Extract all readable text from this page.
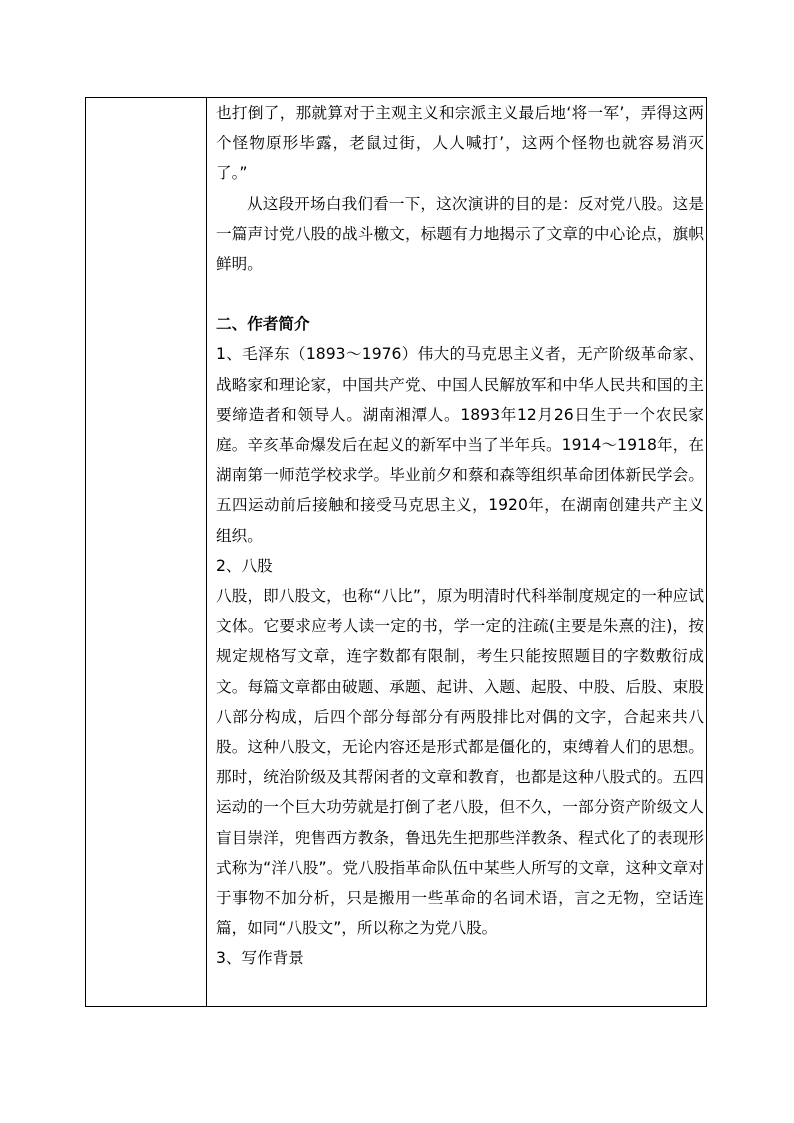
也打倒了，那就算对于主观主义和宗派主义最后地‘将一军’，弄得这两个怪物原形毕露，老鼠过街，人人喊打’，这两个怪物也就容易消灭了。”

从这段开场白我们看一下，这次演讲的目的是：反对党八股。这是一篇声讨党八股的战斗檄文，标题有力地揭示了文章的中心论点，旗帜鲜明。

二、作者简介

1、毛泽东（1893～1976）伟大的马克思主义者，无产阶级革命家、战略家和理论家，中国共产党、中国人民解放军和中华人民共和国的主要缔造者和领导人。湖南湘潭人。1893年12月26日生于一个农民家庭。辛亥革命爆发后在起义的新军中当了半年兵。1914～1918年，在湖南第一师范学校求学。毕业前夕和蔡和森等组织革命团体新民学会。五四运动前后接触和接受马克思主义，1920年，在湖南创建共产主义组织。

2、八股

八股，即八股文，也称“八比”，原为明清时代科举制度规定的一种应试文体。它要求应考人读一定的书，学一定的注疏(主要是朱熹的注)，按规定规格写文章，连字数都有限制，考生只能按照题目的字数敷衍成文。每篇文章都由破题、承题、起讲、入题、起股、中股、后股、束股八部分构成，后四个部分每部分有两股排比对偶的文字，合起来共八股。这种八股文，无论内容还是形式都是僵化的，束缚着人们的思想。那时，统治阶级及其帮闲者的文章和教育，也都是这种八股式的。五四运动的一个巨大功劳就是打倒了老八股，但不久，一部分资产阶级文人盲目崇洋，兜售西方教条，鲁迅先生把那些洋教条、程式化了的表现形式称为“洋八股”。党八股指革命队伍中某些人所写的文章，这种文章对于事物不加分析，只是搬用一些革命的名词术语，言之无物，空话连篇，如同“八股文”，所以称之为党八股。

3、写作背景
